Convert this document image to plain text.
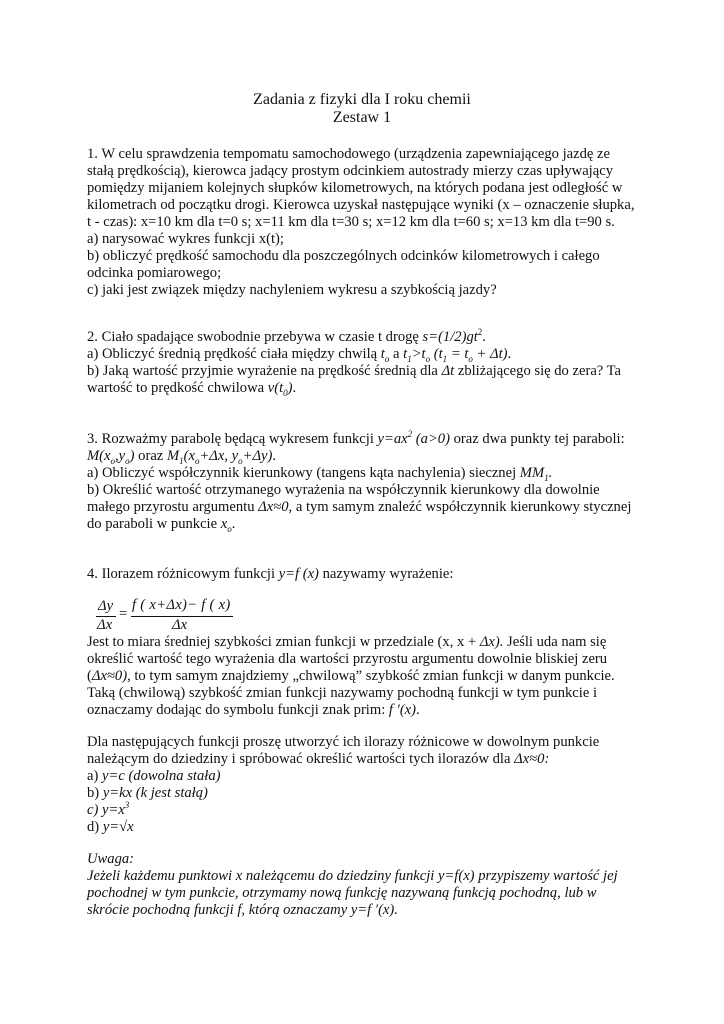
Zadania z fizyki dla I roku chemii
Zestaw 1

1. W celu sprawdzenia tempomatu samochodowego (urządzenia zapewniającego jazdę ze

stałą prędkością), kierowca jadący prostym odcinkiem autostrady mierzy czas upływający

pomiędzy mijaniem kolejnych słupków kilometrowych, na których podana jest odległość w

kilometrach od początku drogi. Kierowca uzyskał następujące wyniki (x – oznaczenie słupka,

t - czas): x=10 km dla t=0 s; x=11 km dla t=30 s; x=12 km dla t=60 s; x=13 km dla t=90 s.

a) narysować wykres funkcji x(t);

b) obliczyć prędkość samochodu dla poszczególnych odcinków kilometrowych i całego

odcinka pomiarowego;

c) jaki jest związek między nachyleniem wykresu a szybkością jazdy?

2. Ciało spadające swobodnie przebywa w czasie t drogę $s=(1/2)gt^2$.

a) Obliczyć średnią prędkość ciała między chwilą $t_o$ a $t_1>t_o$ $(t_1 = t_o + \Delta t)$.

b) Jaką wartość przyjmie wyrażenie na prędkość średnią dla Δt zbliżającego się do zera? Ta

wartość to prędkość chwilowa $v(t_0)$.

3. Rozważmy parabolę będącą wykresem funkcji $y=ax^2$ (a>0) oraz dwa punkty tej paraboli:

$M(x_o,y_o)$ oraz $M_1(x_o+\Delta x$, $y_o+\Delta y$).

a) Obliczyć współczynnik kierunkowy (tangens kąta nachylenia) siecznej $MM_1$.

b) Określić wartość otrzymanego wyrażenia na współczynnik kierunkowy dla dowolnie

małego przyrostu argumentu Δx≈0, a tym samym znaleźć współczynnik kierunkowy stycznej

do paraboli w punkcie $x_o$.

4. Ilorazem różnicowym funkcji y=f (x) nazywamy wyrażenie:

Δy
Δx
=
f ( x+Δx)− f ( x)
Δx

Jest to miara średniej szybkości zmian funkcji w przedziale (x, x + Δx). Jeśli uda nam się

określić wartość tego wyrażenia dla wartości przyrostu argumentu dowolnie bliskiej zeru

(Δx≈0), to tym samym znajdziemy „chwilową” szybkość zmian funkcji w danym punkcie.

Taką (chwilową) szybkość zmian funkcji nazywamy pochodną funkcji w tym punkcie i

oznaczamy dodając do symbolu funkcji znak prim: f ′(x).

Dla następujących funkcji proszę utworzyć ich ilorazy różnicowe w dowolnym punkcie

należącym do dziedziny i spróbować określić wartości tych ilorazów dla Δx≈0:

a) y=c (dowolna stała)

b) y=kx (k jest stałą)

c) $y=x^3$

d) y=√x

Uwaga:

Jeżeli każdemu punktowi x należącemu do dziedziny funkcji y=f(x) przypiszemy wartość jej

pochodnej w tym punkcie, otrzymamy nową funkcję nazywaną funkcją pochodną, lub w

skrócie pochodną funkcji f, którą oznaczamy y=f ′(x).
